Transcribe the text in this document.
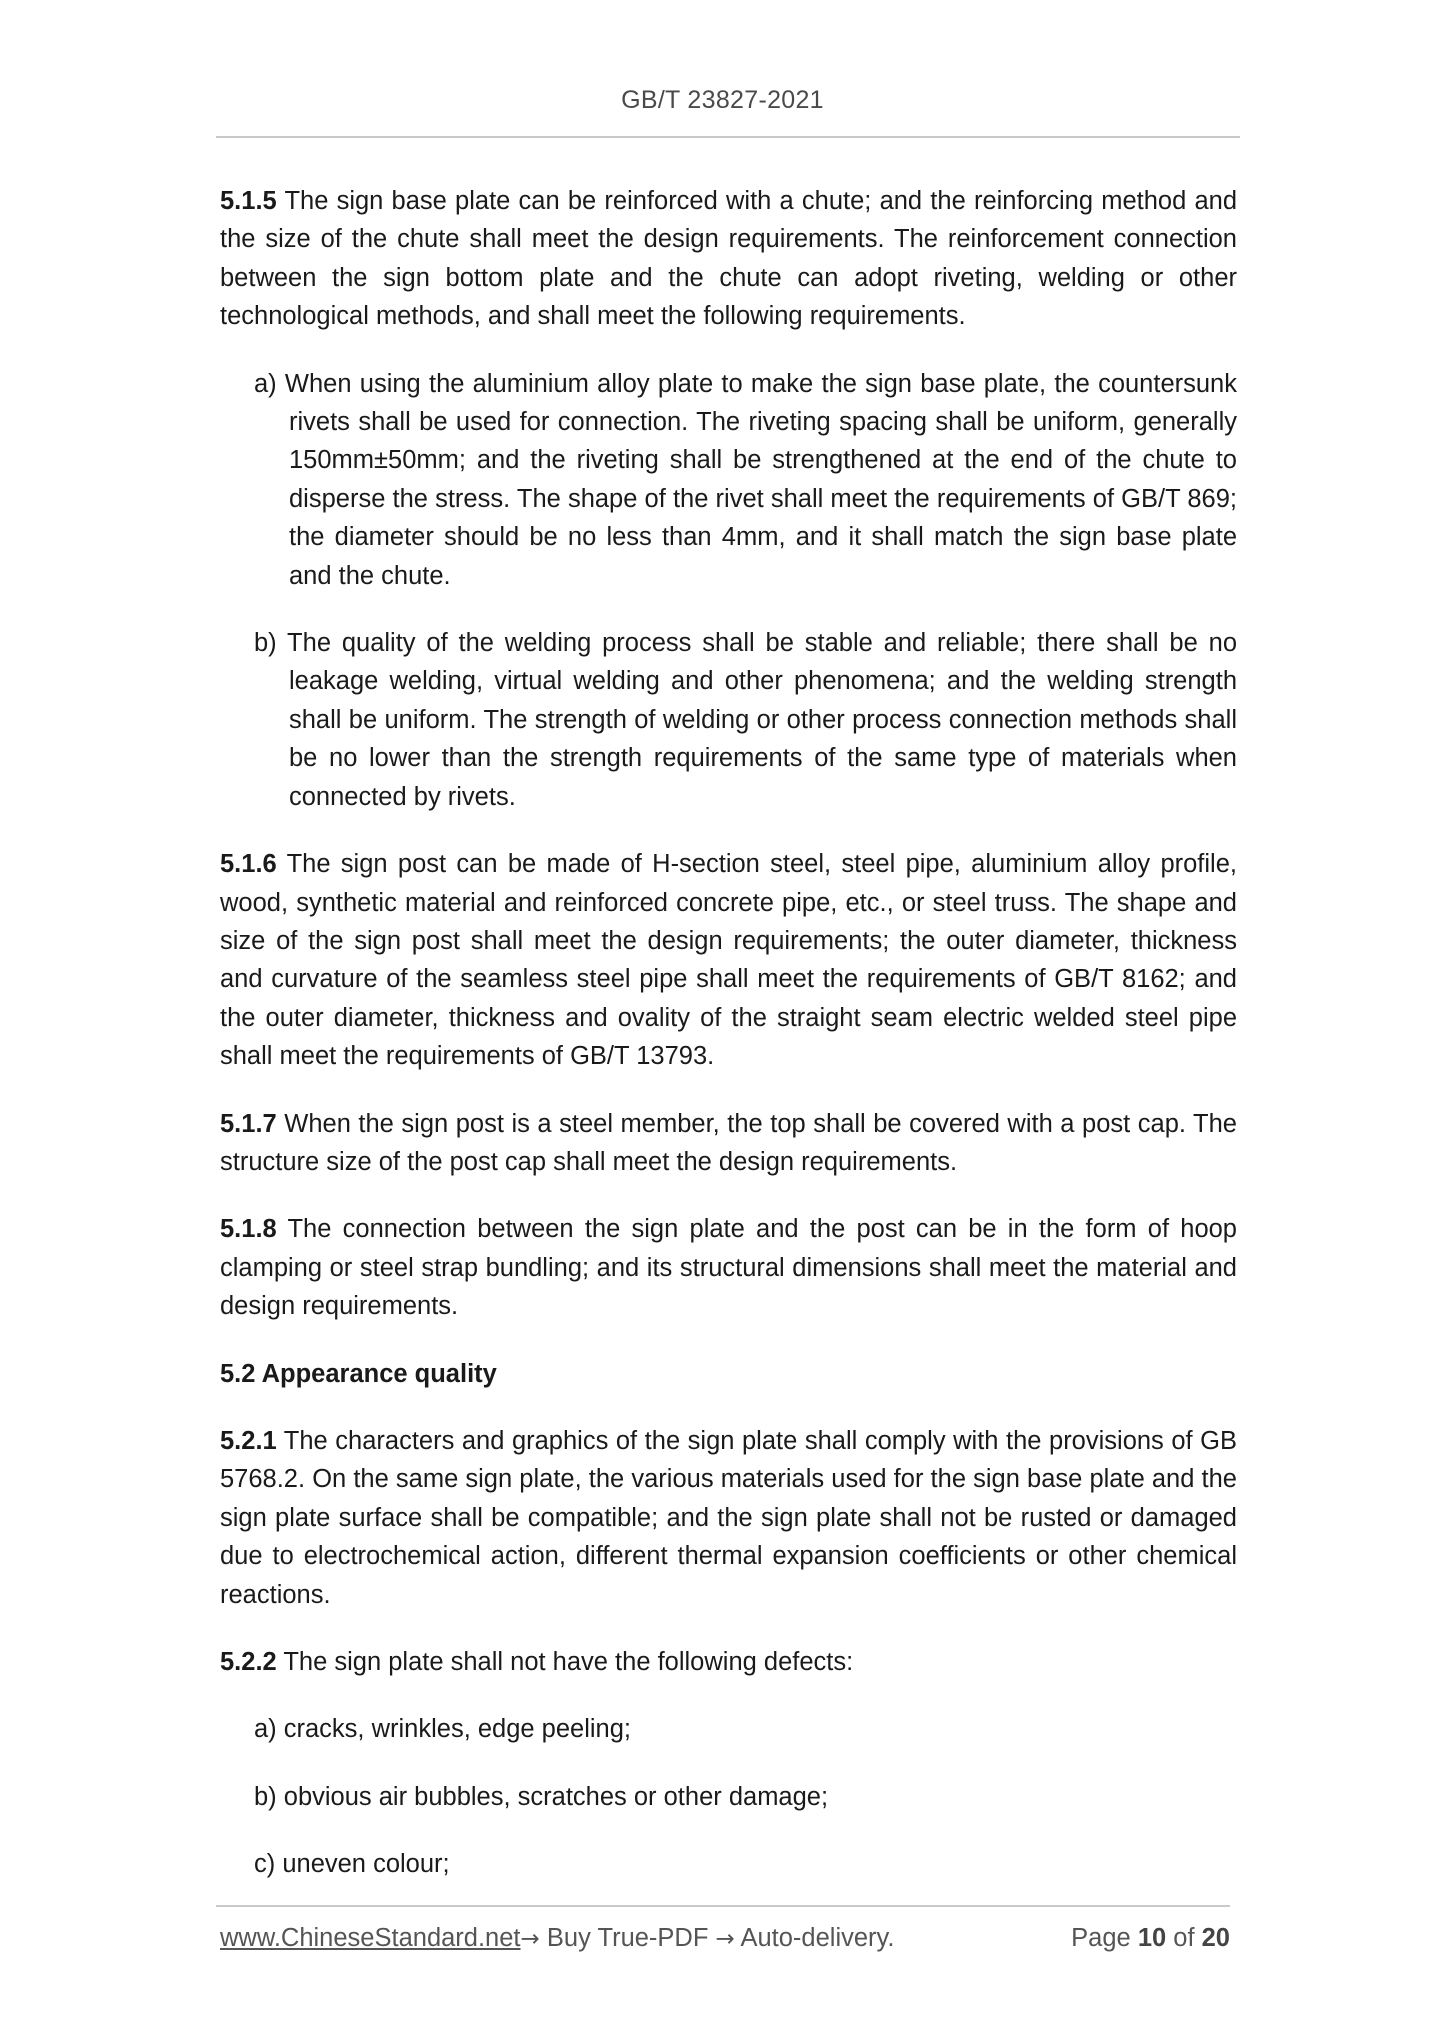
GB/T 23827-2021

5.1.5 The sign base plate can be reinforced with a chute; and the reinforcing method and the size of the chute shall meet the design requirements. The reinforcement connection between the sign bottom plate and the chute can adopt riveting, welding or other technological methods, and shall meet the following requirements.

a) When using the aluminium alloy plate to make the sign base plate, the countersunk rivets shall be used for connection. The riveting spacing shall be uniform, generally 150mm±50mm; and the riveting shall be strengthened at the end of the chute to disperse the stress. The shape of the rivet shall meet the requirements of GB/T 869; the diameter should be no less than 4mm, and it shall match the sign base plate and the chute.

b) The quality of the welding process shall be stable and reliable; there shall be no leakage welding, virtual welding and other phenomena; and the welding strength shall be uniform. The strength of welding or other process connection methods shall be no lower than the strength requirements of the same type of materials when connected by rivets.

5.1.6 The sign post can be made of H-section steel, steel pipe, aluminium alloy profile, wood, synthetic material and reinforced concrete pipe, etc., or steel truss. The shape and size of the sign post shall meet the design requirements; the outer diameter, thickness and curvature of the seamless steel pipe shall meet the requirements of GB/T 8162; and the outer diameter, thickness and ovality of the straight seam electric welded steel pipe shall meet the requirements of GB/T 13793.

5.1.7 When the sign post is a steel member, the top shall be covered with a post cap. The structure size of the post cap shall meet the design requirements.

5.1.8 The connection between the sign plate and the post can be in the form of hoop clamping or steel strap bundling; and its structural dimensions shall meet the material and design requirements.

5.2 Appearance quality

5.2.1 The characters and graphics of the sign plate shall comply with the provisions of GB 5768.2. On the same sign plate, the various materials used for the sign base plate and the sign plate surface shall be compatible; and the sign plate shall not be rusted or damaged due to electrochemical action, different thermal expansion coefficients or other chemical reactions.

5.2.2 The sign plate shall not have the following defects:

a) cracks, wrinkles, edge peeling;

b) obvious air bubbles, scratches or other damage;

c) uneven colour;

www.ChineseStandard.net→ Buy True-PDF → Auto-delivery.	Page 10 of 20
